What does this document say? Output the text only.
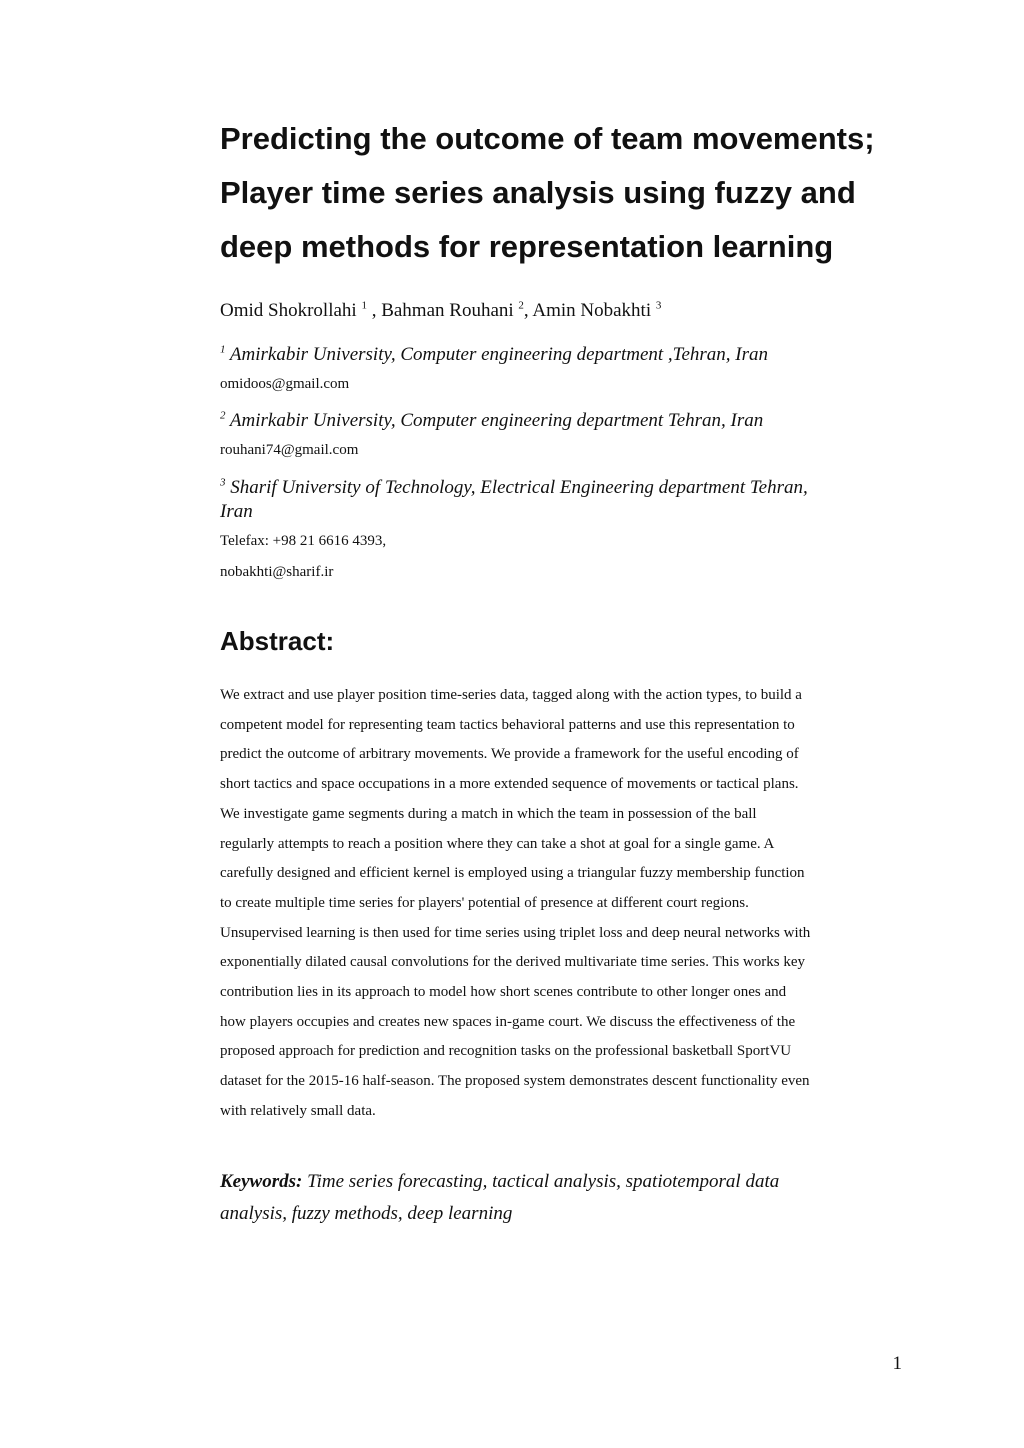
Predicting the outcome of team movements;
Player time series analysis using fuzzy and
deep methods for representation learning
Omid Shokrollahi $^1$ , Bahman Rouhani $^2$, Amin Nobakhti $^3$
$^1$ Amirkabir University, Computer engineering department ,Tehran, Iran
omidoos@gmail.com
$^2$ Amirkabir University, Computer engineering department Tehran, Iran
rouhani74@gmail.com
$^3$ Sharif University of Technology, Electrical Engineering department Tehran,
Iran
Telefax: +98 21 6616 4393,
nobakhti@sharif.ir
Abstract:
We extract and use player position time-series data, tagged along with the action types, to build a
competent model for representing team tactics behavioral patterns and use this representation to
predict the outcome of arbitrary movements. We provide a framework for the useful encoding of
short tactics and space occupations in a more extended sequence of movements or tactical plans.
We investigate game segments during a match in which the team in possession of the ball
regularly attempts to reach a position where they can take a shot at goal for a single game. A
carefully designed and efficient kernel is employed using a triangular fuzzy membership function
to create multiple time series for players' potential of presence at different court regions.
Unsupervised learning is then used for time series using triplet loss and deep neural networks with
exponentially dilated causal convolutions for the derived multivariate time series. This works key
contribution lies in its approach to model how short scenes contribute to other longer ones and
how players occupies and creates new spaces in-game court. We discuss the effectiveness of the
proposed approach for prediction and recognition tasks on the professional basketball SportVU
dataset for the 2015-16 half-season. The proposed system demonstrates descent functionality even
with relatively small data.
Keywords: Time series forecasting, tactical analysis, spatiotemporal data
analysis, fuzzy methods, deep learning
1
